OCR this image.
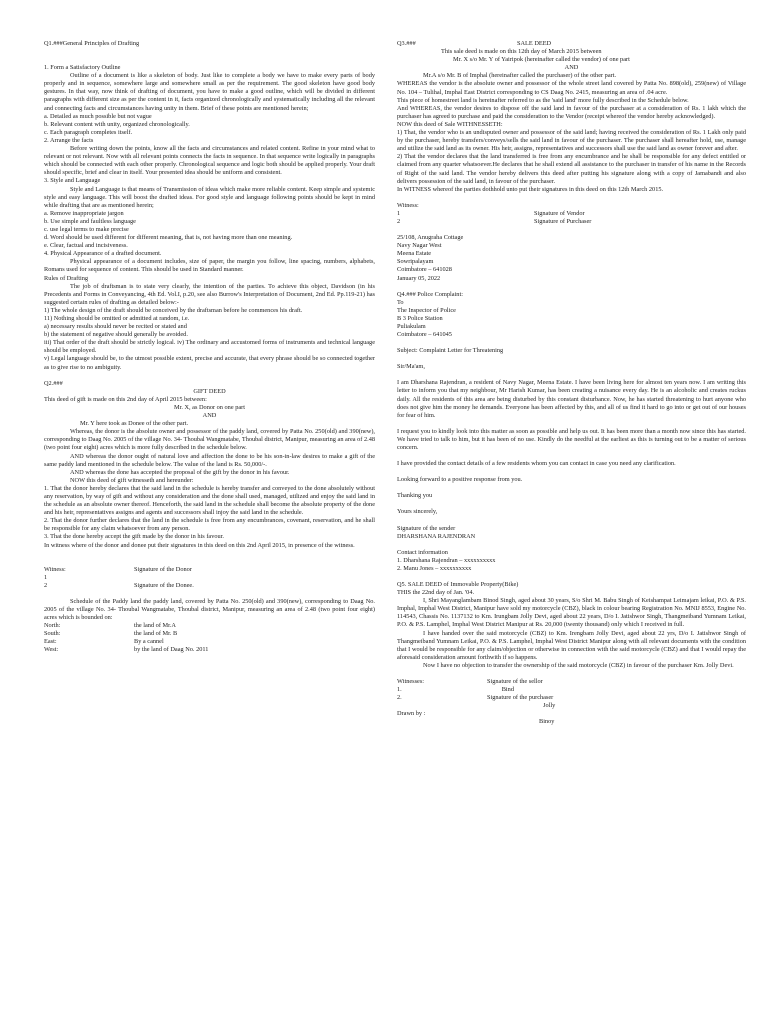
Q1.###General Principles of Drafting

1. Form a Satisfactory Outline

Outline of a document is like a skeleton of body. Just like to complete a body we have to make every parts of body properly and in sequence, somewhere large and somewhere small as per the requirement. The good skeleton have good body gestures. In that way, now think of drafting of document, you have to make a good outline, which will be divided in different paragraphs with different size as per the content in it, facts organized chronologically and systematically including all the relevant and connecting facts and circumstances having unity in them. Brief of these points are mentioned herein;

a. Detailed as much possible but not vague

b. Relevant content with unity, organized chronologically.

c. Each paragraph completes itself.

2. Arrange the facts

Before writing down the points, know all the facts and circumstances and related content. Refine in your mind what to relevant or not relevant. Now with all relevant points connects the facts in sequence. In that sequence write logically in paragraphs which should be connected with each other properly. Chronological sequence and logic both should be applied properly. Your draft should specific, brief and clear in itself. Your presented idea should be uniform and consistent.

3. Style and Language

Style and Language is that means of Transmission of ideas which make more reliable content. Keep simple and systemic style and easy language. This will boost the drafted ideas. For good style and language following points should be kept in mind while drafting that are as mentioned herein;

a. Remove inappropriate jargon

b. Use simple and faultless language

c. use legal terms to make precise

d. Word should be used different for different meaning, that is, not having more than one meaning.

e. Clear, factual and incisiveness.

4. Physical Appearance of a drafted document.

Physical appearance of a document includes, size of paper, the margin you follow, line spacing, numbers, alphabets, Romans used for sequence of content. This should be used in Standard manner.

Rules of Drafting

The job of draftsman is to state very clearly, the intention of the parties. To achieve this object, Davidson (in his Precedents and Forms in Conveyancing, 4th Ed. Vol.I, p.20, see also Burrow's Interpretation of Document, 2nd Ed. Pp.119-21) has suggested certain rules of drafting as detailed below:-

1) The whole design of the draft should be conceived by the draftsman before he commences his draft.

11) Nothing should be omitted or admitted at random, i.e.

a) necessary results should never be recited or stated and

b) the statement of negative should generally be avoided.

iii) That order of the draft should be strictly logical. iv) The ordinary and accustomed forms of instruments and technical language should be employed.

v) Legal language should be, to the utmost possible extent, precise and accurate, that every phrase should be so connected together as to give rise to no ambiguity.

Q2.###

GIFT DEED

This deed of gift is made on this 2nd day of April 2015 between:

Mr. X, as Donor on one part

AND

Mr. Y here took as Donee of the other part.

Whereas, the donor is the absolute owner and possessor of the paddy land, covered by Patta No. 250(old) and 390(new), corresponding to Daag No. 2005 of the village No. 34- Thoubal Wangmatabe, Thoubal district, Manipur, measuring an area of 2.48 (two point four eight) acres which is more fully described in the schedule below.

AND whereas the donor ought of natural love and affection the done to be his son-in-law desires to make a gift of the same paddy land mentioned in the schedule below. The value of the land is Rs. 50,000/-.

AND whereas the done has accepted the proposal of the gift by the donor in his favour.

NOW this deed of gift witnesseth and hereunder:

1. That the donor hereby declares that the said land in the schedule is hereby transfer and conveyed to the done absolutely without any reservation, by way of gift and without any consideration and the done shall used, managed, utilized and enjoy the said land in the schedule as an absolute owner thereof. Henceforth, the said land in the schedule shall become the absolute property of the done and his heir, representatives assigns and agents and successors shall injoy the said land in the schedule.

2. That the donor further declares that the land in the schedule is free from any encumbrances, covenant, reservation, and he shall be responsible for any claim whatsoever from any person.

3. That the done hereby accept the gift made by the donor in his favour.

In witness where of the donor and donee put their signatures in this deed on this 2nd April 2015, in presence of the witness.

Witness:	Signature of the Donor

1

2	Signature of the Donee.

Schedule of the Paddy land the paddy land, covered by Patta No. 250(old) and 390(new), corresponding to Daag No. 2005 of the village No. 34- Thoubal Wangmatabe, Thoubal district, Manipur, measuring an area of 2.48 (two point four eight) acres which is bounded on:

North:	the land of Mr.A
South:	the land of Mr. B
East:	By a cannel
West:	by the land of Daag No. 2011
Q3.###	SALE DEED

This sale deed is made on this 12th day of March 2015 between

Mr. X s/o Mr. Y of Yairipok (hereinafter called the vendor) of one part

AND

Mr.A s/o Mr. B of Imphal (hereinafter called the purchaser) of the other part.

WHEREAS the vendor is the absolute owner and possessor of the whole street land covered by Patta No. 898(old), 259(new) of Village No. 104 – Tulihal, Imphal East District corresponding to CS Daag No. 2415, measuring an area of .04 acre.

This piece of homestreet land is hereinafter referred to as the 'said land' more fully described in the Schedule below.

And WHEREAS, the vendor desires to dispose off the said land in favour of the purchaser at a consideration of Rs. 1 lakh which the purchaser has agreed to purchase and paid the consideration to the Vendor (receipt whereof the vendor hereby acknowledged).

NOW this deed of Sale WITHNESSETH:

1) That, the vendor who is an undisputed owner and possessor of the said land; having received the consideration of Rs. 1 Lakh only paid by the purchaser, hereby transfers/conveys/sells the said land in favour of the purchaser. The purchaser shall hereafter hold, use, manage and utilize the said land as its owner. His heir, assigns, representatives and successors shall use the said land as owner forever and after.

2) That the vendor declares that the land transferred is free from any encumbrance and he shall be responsible for any defect entitled or claimed from any quarter whatsoever.He declares that he shall extend all assistance to the purchaser in transfer of his name in the Records of Right of the said land. The vendor hereby delivers this deed after putting his signature along with a copy of Jamabandi and also delivers possession of the said land, in favour of the purchaser.

In WITNESS whereof the parties dothhold unto put their signatures in this deed on this 12th March 2015.

Witness:

1	Signature of Vendor
2	Signature of Purchaser

25/108, Anugraha Cottage

Navy Nagar West

Meena Estate

Sowripalayam

Coimbatore – 641028

January 05, 2022

Q4.### Police Complaint:

To

The Inspector of Police

B 3 Police Station

Puliakulam

Coimbatore – 641045

Subject: Complaint Letter for Threatening

Sir/Ma'am,

I am Dharshana Rajendran, a resident of Navy Nagar, Meena Estate. I have been living here for almost ten years now. I am writing this letter to inform you that my neighbour, Mr Harish Kumar, has been creating a nuisance every day. He is an alcoholic and creates ruckus daily. All the residents of this area are being disturbed by this constant disturbance. Now, he has started threatening to hurt anyone who does not give him the money he demands. Everyone has been affected by this, and all of us find it hard to go into or get out of our houses for fear of him.

I request you to kindly look into this matter as soon as possible and help us out. It has been more than a month now since this has started. We have tried to talk to him, but it has been of no use. Kindly do the needful at the earliest as this is turning out to be a matter of serious concern.

I have provided the contact details of a few residents whom you can contact in case you need any clarification.

Looking forward to a positive response from you.

Thanking you

Yours sincerely,

Signature of the sender

DHARSHANA RAJENDRAN

Contact information

1. Dharshana Rajendran – xxxxxxxxxx

2. Manu Jones – xxxxxxxxxx

Q5. SALE DEED of Immovable Property(Bike)

THIS the 22nd day of Jan. '04.

I, Shri Mayanglambam Binod Singh, aged about 30 years, S/o Shri M. Babu Singh of Keishampat Leimajam leikai, P.O. & P.S. Imphal, Imphal West District, Manipur have sold my motorcycle (CBZ), black in colour bearing Registration No. MNIJ 8553, Engine No. 114543, Chassis No. 1137132 to Km. Irungbam Jolly Devi, aged about 22 years, D/o I. Jatishwor Singh, Thangmeiband Yumnam Leikai, P.O. & P.S. Lamphel, Imphal West District Manipur at Rs. 20,000 (twenty thousand) only which I received in full.

I have handed over the said motorcycle (CBZ) to Km. Irengbam Jolly Devi, aged about 22 yrs, D/o I. Jatishwor Singh of Thangmeiband Yumnam Leikai, P.O. & P.S. Lamphel, Imphal West District Manipur along with all relevant documents with the condition that I would be responsible for any claim/objection or otherwise in connection with the said motorcycle (CBZ) and that I would repay the aforesaid consideration amount forthwith if so happens.

Now I have no objection to transfer the ownership of the said motorcycle (CBZ) in favour of the purchaser Km. Jolly Devi.

Witnesses:	Signature of the sellor
1.	Bind
2.	Signature of the purchaser

Jolly

Drawn by :

Binoy
